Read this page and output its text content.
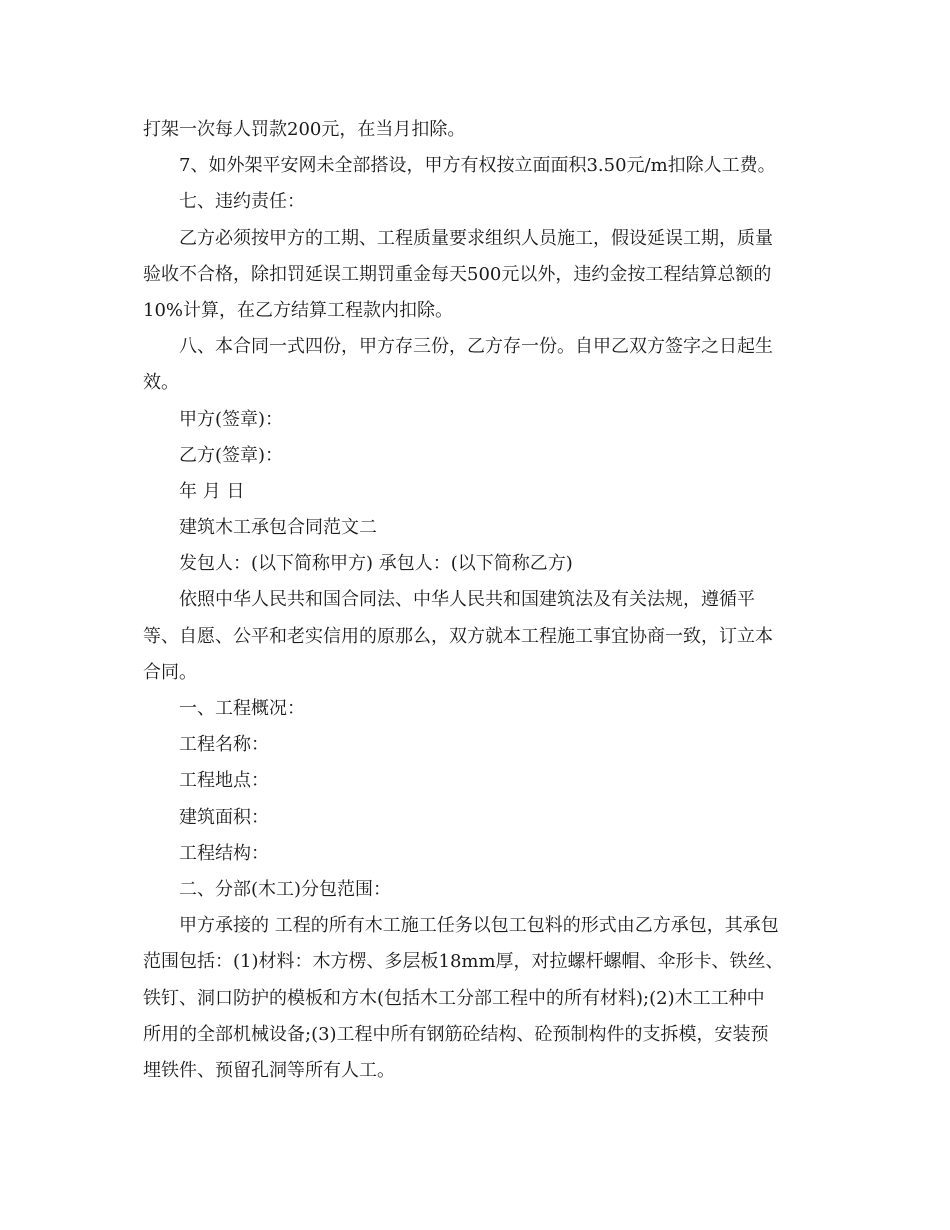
打架一次每人罚款200元，在当月扣除。
7、如外架平安网未全部搭设，甲方有权按立面面积3.50元/m扣除人工费。
七、违约责任：
乙方必须按甲方的工期、工程质量要求组织人员施工，假设延误工期，质量
验收不合格，除扣罚延误工期罚重金每天500元以外，违约金按工程结算总额的
10%计算，在乙方结算工程款内扣除。
八、本合同一式四份，甲方存三份，乙方存一份。自甲乙双方签字之日起生
效。
甲方(签章)：
乙方(签章)：
年 月 日
建筑木工承包合同范文二
发包人：(以下简称甲方) 承包人：(以下简称乙方)
依照中华人民共和国合同法、中华人民共和国建筑法及有关法规，遵循平
等、自愿、公平和老实信用的原那么，双方就本工程施工事宜协商一致，订立本
合同。
一、工程概况：
工程名称：
工程地点：
建筑面积：
工程结构：
二、分部(木工)分包范围：
甲方承接的 工程的所有木工施工任务以包工包料的形式由乙方承包，其承包
范围包括：(1)材料：木方楞、多层板18mm厚，对拉螺杆螺帽、伞形卡、铁丝、
铁钉、洞口防护的模板和方木(包括木工分部工程中的所有材料);(2)木工工种中
所用的全部机械设备;(3)工程中所有钢筋砼结构、砼预制构件的支拆模，安装预
埋铁件、预留孔洞等所有人工。
